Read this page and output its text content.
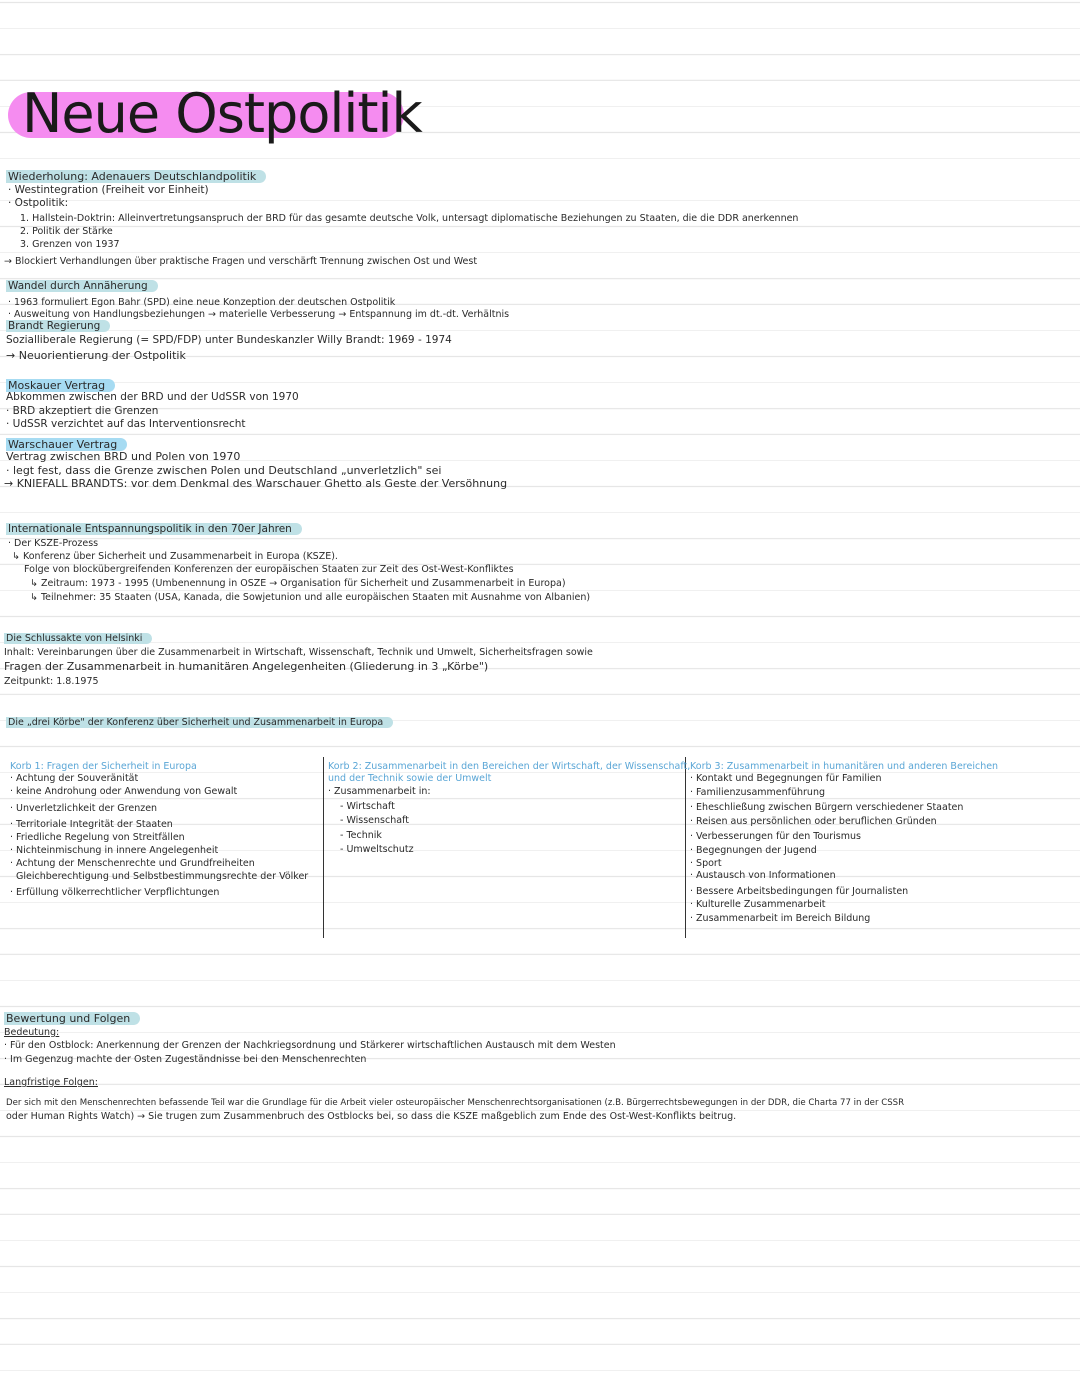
Neue Ostpolitik
Wiederholung: Adenauers Deutschlandpolitik
· Westintegration (Freiheit vor Einheit)
· Ostpolitik:
1. Hallstein-Doktrin: Alleinvertretungsanspruch der BRD für das gesamte deutsche Volk, untersagt diplomatische Beziehungen zu Staaten, die die DDR anerkennen
2. Politik der Stärke
3. Grenzen von 1937
→ Blockiert Verhandlungen über praktische Fragen und verschärft Trennung zwischen Ost und West
Wandel durch Annäherung
· 1963 formuliert Egon Bahr (SPD) eine neue Konzeption der deutschen Ostpolitik
· Ausweitung von Handlungsbeziehungen → materielle Verbesserung → Entspannung im dt.-dt. Verhältnis
Brandt Regierung
Sozialliberale Regierung (= SPD/FDP) unter Bundeskanzler Willy Brandt: 1969 - 1974
→ Neuorientierung der Ostpolitik
Moskauer Vertrag
Abkommen zwischen der BRD und der UdSSR von 1970
· BRD akzeptiert die Grenzen
· UdSSR verzichtet auf das Interventionsrecht
Warschauer Vertrag
Vertrag zwischen BRD und Polen von 1970
· legt fest, dass die Grenze zwischen Polen und Deutschland „unverletzlich" sei
→ KNIEFALL BRANDTS: vor dem Denkmal des Warschauer Ghetto als Geste der Versöhnung
Internationale Entspannungspolitik in den 70er Jahren
· Der KSZE-Prozess
↳ Konferenz über Sicherheit und Zusammenarbeit in Europa (KSZE).
Folge von blockübergreifenden Konferenzen der europäischen Staaten zur Zeit des Ost-West-Konfliktes
↳ Zeitraum: 1973 - 1995 (Umbenennung in OSZE → Organisation für Sicherheit und Zusammenarbeit in Europa)
↳ Teilnehmer: 35 Staaten (USA, Kanada, die Sowjetunion und alle europäischen Staaten mit Ausnahme von Albanien)
Die Schlussakte von Helsinki
Inhalt: Vereinbarungen über die Zusammenarbeit in Wirtschaft, Wissenschaft, Technik und Umwelt, Sicherheitsfragen sowie
Fragen der Zusammenarbeit in humanitären Angelegenheiten (Gliederung in 3 „Körbe")
Zeitpunkt: 1.8.1975
Die „drei Körbe" der Konferenz über Sicherheit und Zusammenarbeit in Europa
Korb 1: Fragen der Sicherheit in Europa
· Achtung der Souveränität
· keine Androhung oder Anwendung von Gewalt
· Unverletzlichkeit der Grenzen
· Territoriale Integrität der Staaten
· Friedliche Regelung von Streitfällen
· Nichteinmischung in innere Angelegenheit
· Achtung der Menschenrechte und Grundfreiheiten
Gleichberechtigung und Selbstbestimmungsrechte der Völker
· Erfüllung völkerrechtlicher Verpflichtungen
Korb 2: Zusammenarbeit in den Bereichen der Wirtschaft, der Wissenschaft,
und der Technik sowie der Umwelt
· Zusammenarbeit in:
- Wirtschaft
- Wissenschaft
- Technik
- Umweltschutz
Korb 3: Zusammenarbeit in humanitären und anderen Bereichen
· Kontakt und Begegnungen für Familien
· Familienzusammenführung
· Eheschließung zwischen Bürgern verschiedener Staaten
· Reisen aus persönlichen oder beruflichen Gründen
· Verbesserungen für den Tourismus
· Begegnungen der Jugend
· Sport
· Austausch von Informationen
· Bessere Arbeitsbedingungen für Journalisten
· Kulturelle Zusammenarbeit
· Zusammenarbeit im Bereich Bildung
Bewertung und Folgen
Bedeutung:
· Für den Ostblock: Anerkennung der Grenzen der Nachkriegsordnung und Stärkerer wirtschaftlichen Austausch mit dem Westen
· Im Gegenzug machte der Osten Zugeständnisse bei den Menschenrechten
Langfristige Folgen:
Der sich mit den Menschenrechten befassende Teil war die Grundlage für die Arbeit vieler osteuropäischer Menschenrechtsorganisationen (z.B. Bürgerrechtsbewegungen in der DDR, die Charta 77 in der CSSR
oder Human Rights Watch) → Sie trugen zum Zusammenbruch des Ostblocks bei, so dass die KSZE maßgeblich zum Ende des Ost-West-Konflikts beitrug.
